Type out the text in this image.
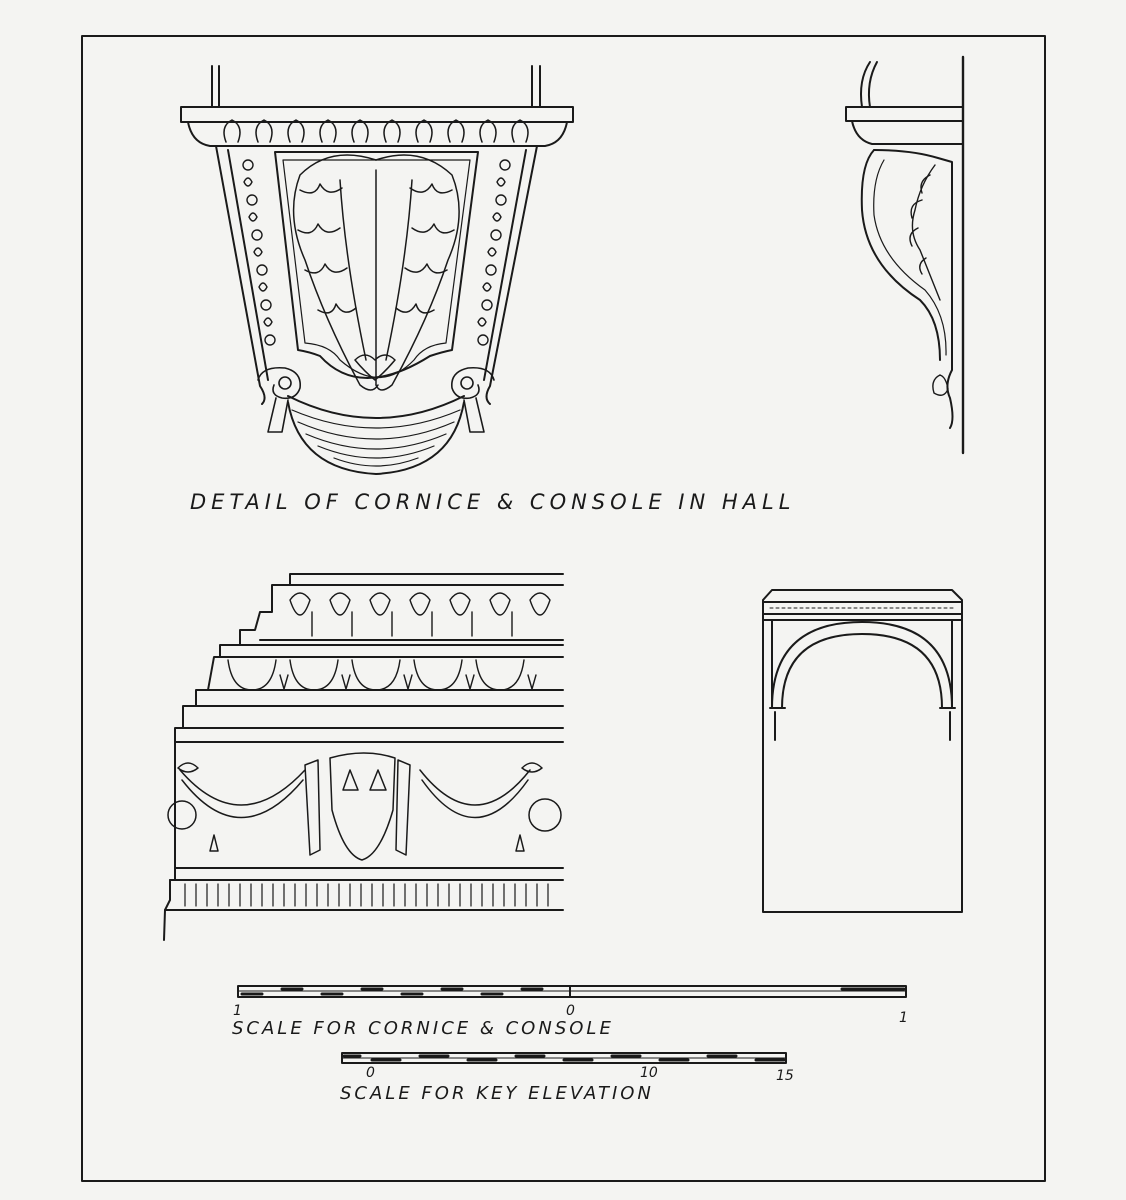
DETAIL OF CORNICE & CONSOLE IN HALL
1	0	1
SCALE FOR CORNICE & CONSOLE
0	10	15
SCALE FOR KEY ELEVATION
